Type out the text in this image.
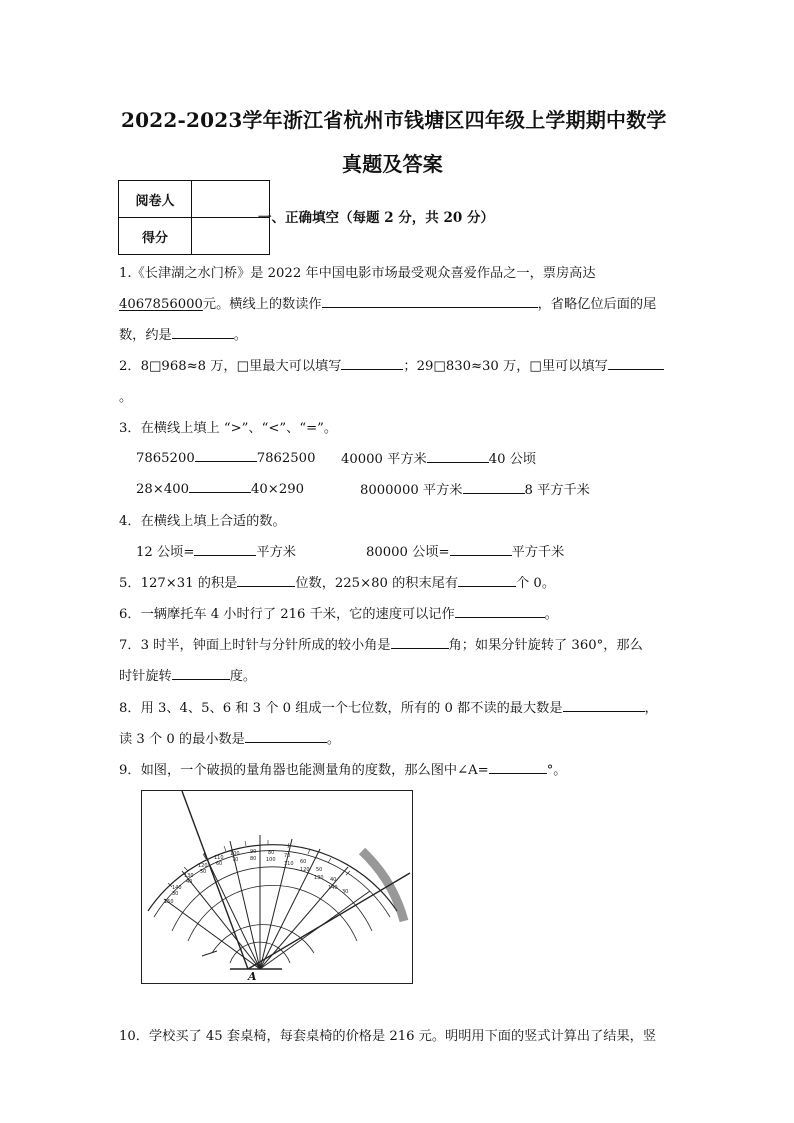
2022-2023学年浙江省杭州市钱塘区四年级上学期期中数学
真题及答案
阅卷人	
得分	
一、正确填空（每题 2 分，共 20 分）
1.《长津湖之水门桥》是 2022 年中国电影市场最受观众喜爱作品之一，票房高达
4067856000元。横线上的数读作	，省略亿位后面的尾
数，约是	。
2．8□968≈8 万，□里最大可以填写	；29□830≈30 万，□里可以填写
。
3．在横线上填上 “>”、“<”、“=”。
7865200	7862500 40000 平方米	40 公顷
28×400	40×290	8000000 平方米	8 平方千米
4．在横线上填上合适的数。
12 公顷=	平方米	80000 公顷=	平方千米
5．127×31 的积是	位数，225×80 的积末尾有	个 0。
6．一辆摩托车 4 小时行了 216 千米，它的速度可以记作	。
7．3 时半，钟面上时针与分针所成的较小角是	角；如果分针旋转了 360°，那么
时针旋转	度。
8．用 3、4、5、6 和 3 个 0 组成一个七位数，所有的 0 都不读的最大数是	，
读 3 个 0 的最小数是	。
9．如图，一个破损的量角器也能测量角的度数，那么图中∠A=	°。
150
140
130
120
110
100 90 80 70
60
50
40
30
30
40
50
60
70 80 100
110
120
130
140
A
10．学校买了 45 套桌椅，每套桌椅的价格是 216 元。明明用下面的竖式计算出了结果，竖
